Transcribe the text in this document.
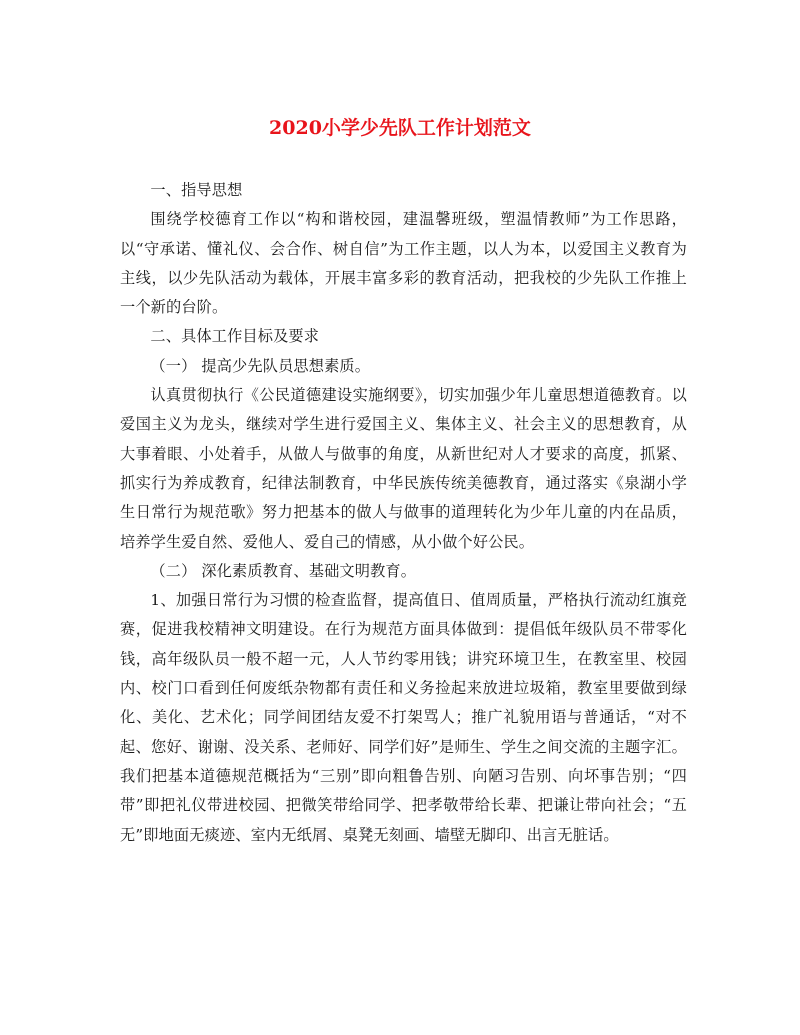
2020小学少先队工作计划范文

一、指导思想

围绕学校德育工作以“构和谐校园，建温馨班级，塑温情教师”为工作思路，以“守承诺、懂礼仪、会合作、树自信”为工作主题，以人为本，以爱国主义教育为主线，以少先队活动为载体，开展丰富多彩的教育活动，把我校的少先队工作推上一个新的台阶。

二、具体工作目标及要求

（一） 提高少先队员思想素质。

认真贯彻执行《公民道德建设实施纲要》，切实加强少年儿童思想道德教育。以爱国主义为龙头，继续对学生进行爱国主义、集体主义、社会主义的思想教育，从大事着眼、小处着手，从做人与做事的角度，从新世纪对人才要求的高度，抓紧、抓实行为养成教育，纪律法制教育，中华民族传统美德教育，通过落实《泉湖小学生日常行为规范歌》努力把基本的做人与做事的道理转化为少年儿童的内在品质，培养学生爱自然、爱他人、爱自己的情感，从小做个好公民。

（二） 深化素质教育、基础文明教育。

1、加强日常行为习惯的检查监督，提高值日、值周质量，严格执行流动红旗竞赛，促进我校精神文明建设。在行为规范方面具体做到：提倡低年级队员不带零化钱，高年级队员一般不超一元，人人节约零用钱；讲究环境卫生，在教室里、校园内、校门口看到任何废纸杂物都有责任和义务捡起来放进垃圾箱，教室里要做到绿化、美化、艺术化；同学间团结友爱不打架骂人；推广礼貌用语与普通话，“对不起、您好、谢谢、没关系、老师好、同学们好”是师生、学生之间交流的主题字汇。我们把基本道德规范概括为“三别”即向粗鲁告别、向陋习告别、向坏事告别；“四带”即把礼仪带进校园、把微笑带给同学、把孝敬带给长辈、把谦让带向社会；“五无”即地面无痰迹、室内无纸屑、桌凳无刻画、墙壁无脚印、出言无脏话。
